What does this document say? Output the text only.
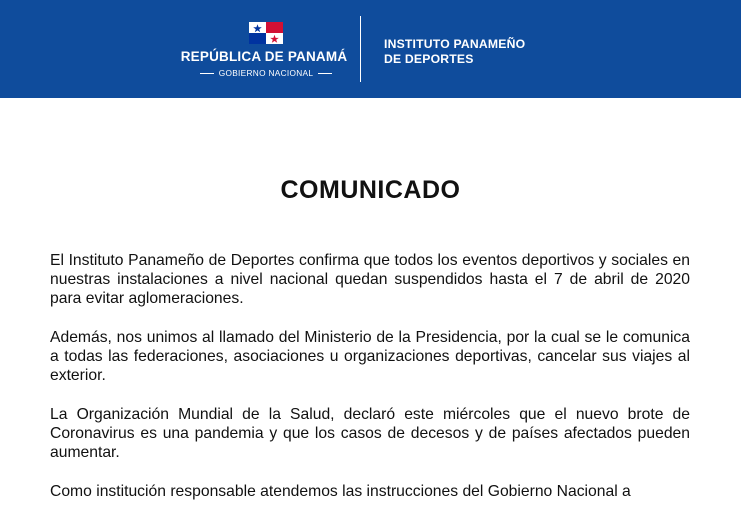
REPÚBLICA DE PANAMÁ
GOBIERNO NACIONAL
INSTITUTO PANAMEÑO
DE DEPORTES
COMUNICADO

El Instituto Panameño de Deportes confirma que todos los eventos deportivos y sociales en nuestras instalaciones a nivel nacional quedan suspendidos hasta el 7 de abril de 2020 para evitar aglomeraciones.

Además, nos unimos al llamado del Ministerio de la Presidencia, por la cual se le comunica a todas las federaciones, asociaciones u organizaciones deportivas, cancelar sus viajes al exterior.

La Organización Mundial de la Salud, declaró este miércoles que el nuevo brote de Coronavirus es una pandemia y que los casos de decesos y de países afectados pueden aumentar.

Como institución responsable atendemos las instrucciones del Gobierno Nacional a
